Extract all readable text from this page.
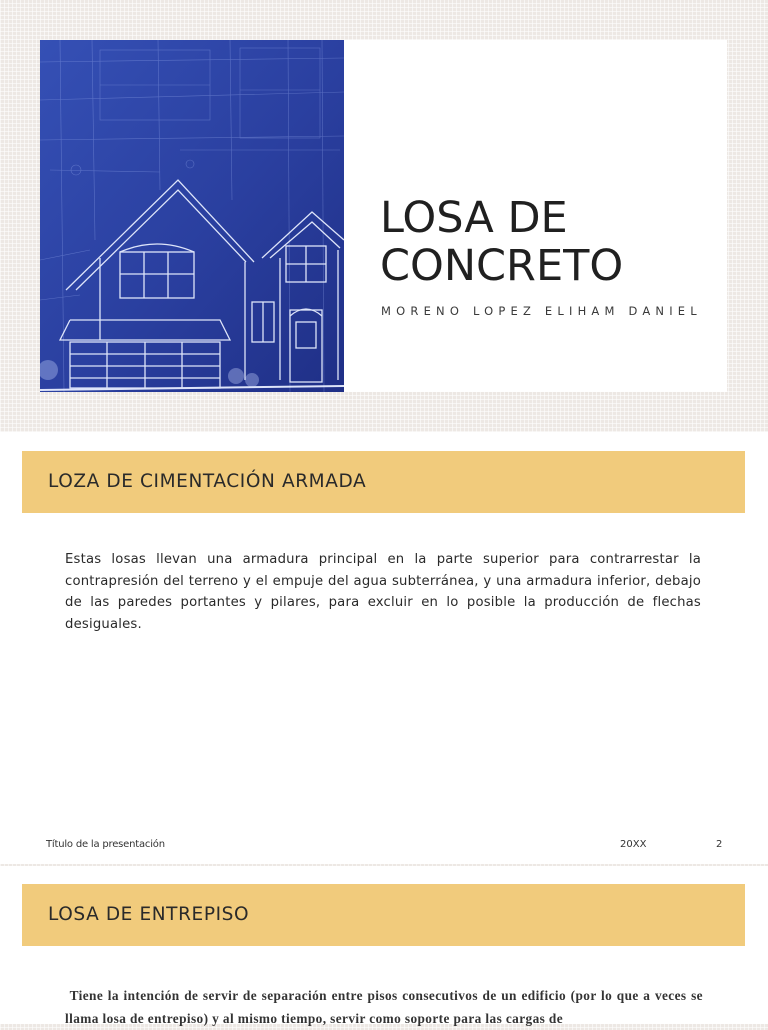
LOSA DE
CONCRETO
MORENO LOPEZ ELIHAM DANIEL
LOZA DE CIMENTACIÓN ARMADA

Estas losas llevan una armadura principal en la parte superior para contrarrestar la contrapresión del terreno y el empuje del agua subterránea, y una armadura inferior, debajo de las paredes portantes y pilares, para excluir en lo posible la producción de flechas desiguales.

Título de la presentación	20XX	2
LOSA DE ENTREPISO

Tiene la intención de servir de separación entre pisos consecutivos de un edificio (por lo que a veces se llama losa de entrepiso) y al mismo tiempo, servir como soporte para las cargas de
